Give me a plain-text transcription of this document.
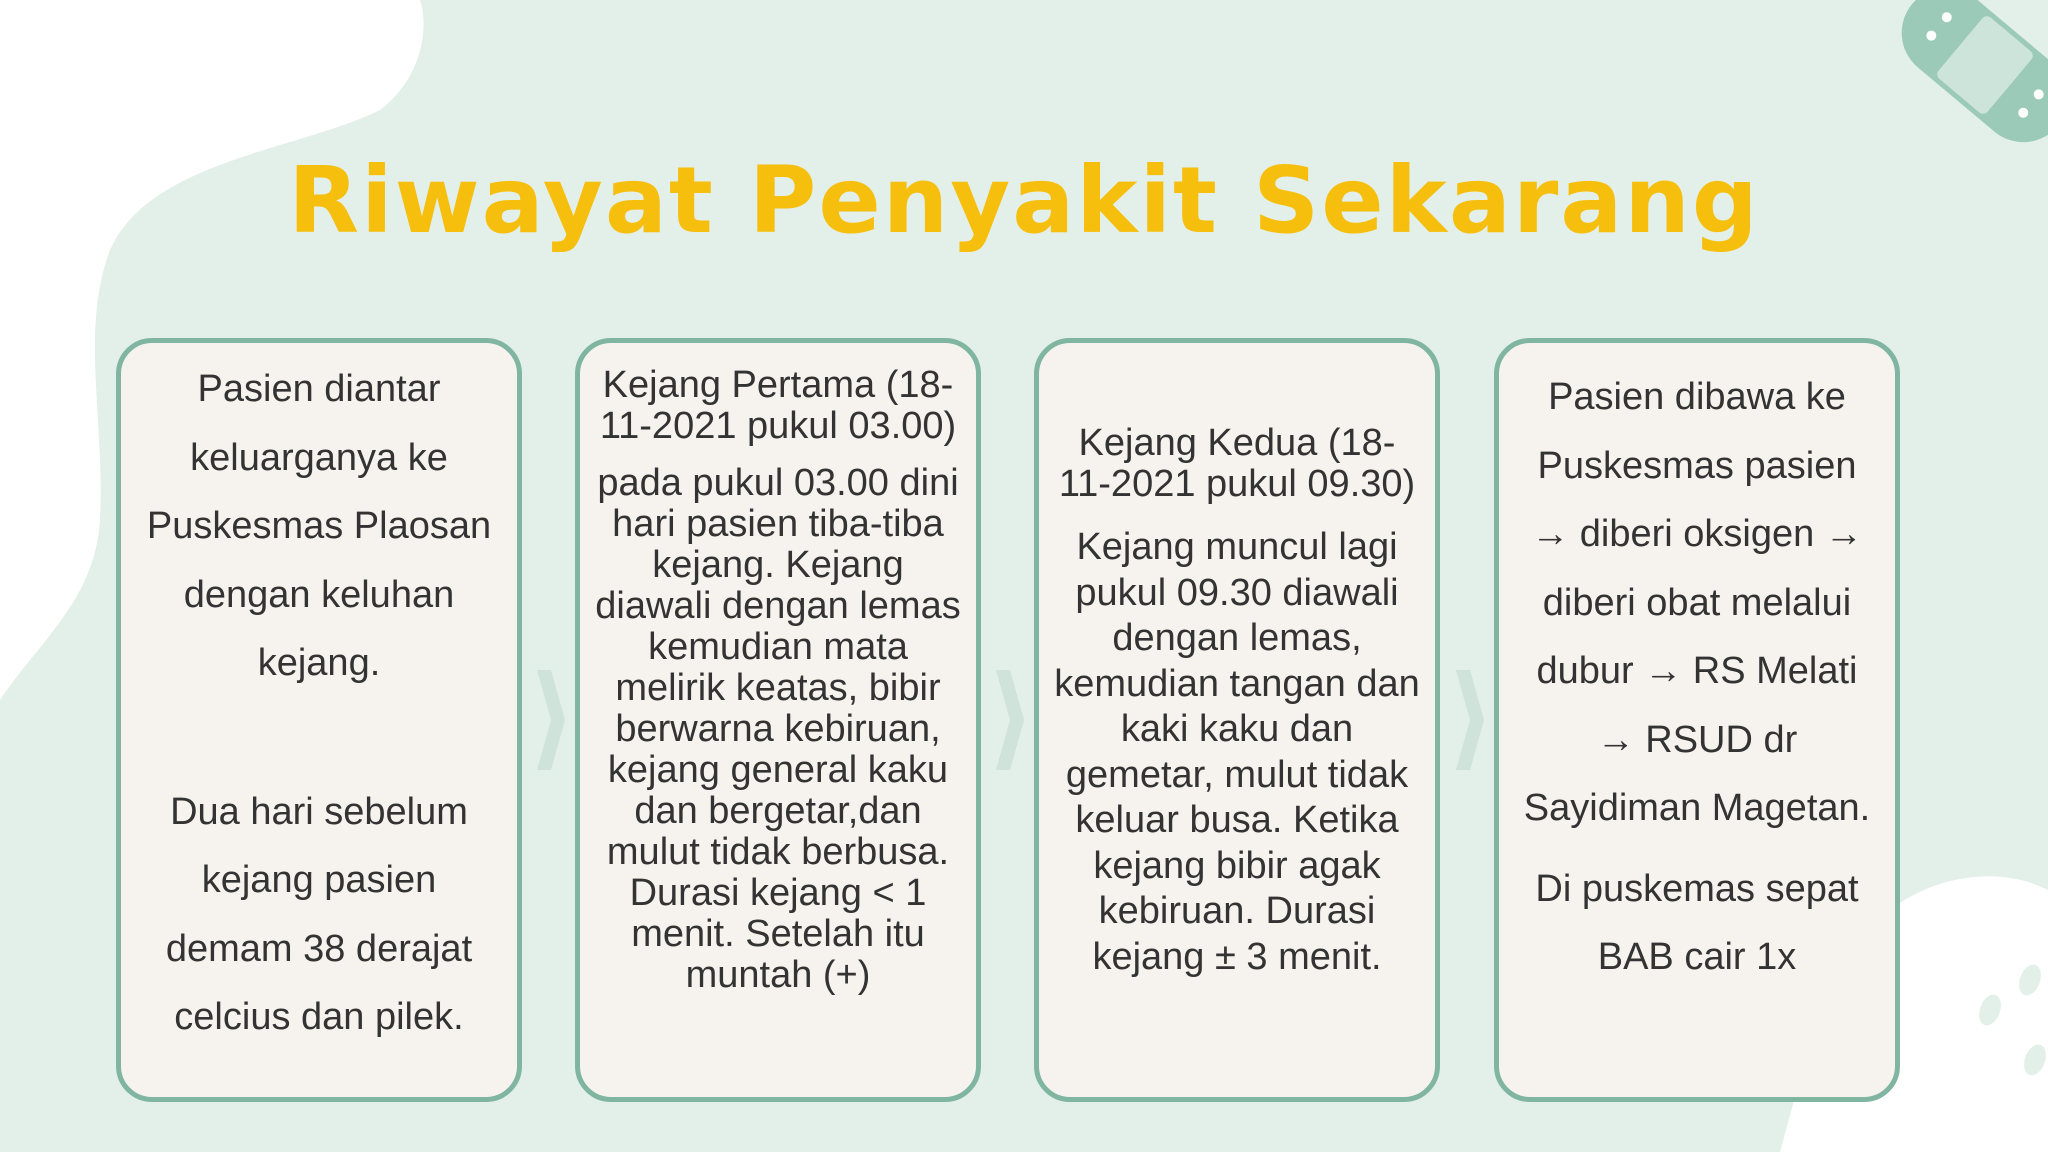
Riwayat Penyakit Sekarang

Pasien diantar keluarganya ke Puskesmas Plaosan dengan keluhan kejang.

Dua hari sebelum kejang pasien demam 38 derajat celcius dan pilek.

Kejang Pertama (18-11-2021 pukul 03.00)

pada pukul 03.00 dini hari pasien tiba-tiba kejang. Kejang diawali dengan lemas kemudian mata melirik keatas, bibir berwarna kebiruan, kejang general kaku dan bergetar,dan mulut tidak berbusa. Durasi kejang < 1 menit. Setelah itu muntah (+)

Kejang Kedua (18-11-2021 pukul 09.30)

Kejang muncul lagi pukul 09.30 diawali dengan lemas, kemudian tangan dan kaki kaku dan gemetar, mulut tidak keluar busa. Ketika kejang bibir agak kebiruan. Durasi kejang ± 3 menit.

Pasien dibawa ke Puskesmas pasien → diberi oksigen → diberi obat melalui dubur → RS Melati → RSUD dr Sayidiman Magetan.

Di puskemas sepat BAB cair 1x
